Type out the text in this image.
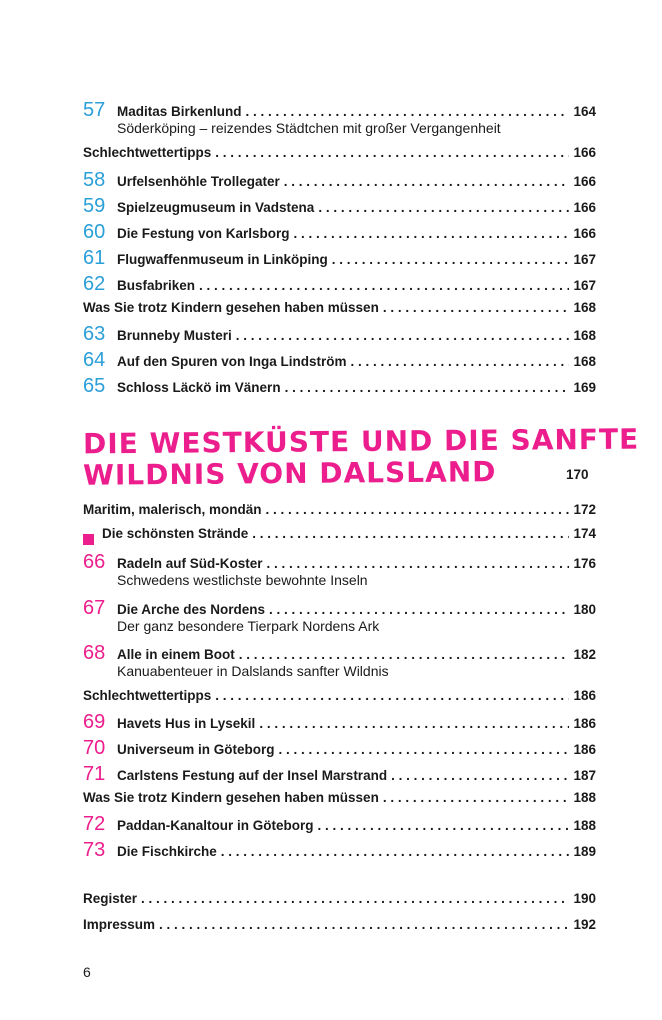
57 Maditas Birkenlund . . .	164
Söderköping – reizendes Städtchen mit großer Vergangenheit
Schlechtwettertipps . . .	166
58 Urfelsenhöhle Trollegater . . .	166
59 Spielzeugmuseum in Vadstena . . .	166
60 Die Festung von Karlsborg . . .	166
61 Flugwaffenmuseum in Linköping . . .	167
62 Busfabriken . . .	167
Was Sie trotz Kindern gesehen haben müssen . . .	168
63 Brunneby Musteri . . .	168
64 Auf den Spuren von Inga Lindström . . .	168
65 Schloss Läckö im Vänern . . .	169
DIE WESTKÜSTE UND DIE SANFTE
WILDNIS VON DALSLAND	170
Maritim, malerisch, mondän . . .	172
Die schönsten Strände . . .	174
66 Radeln auf Süd-Koster . . .	176
Schwedens westlichste bewohnte Inseln
67 Die Arche des Nordens . . .	180
Der ganz besondere Tierpark Nordens Ark
68 Alle in einem Boot . . .	182
Kanuabenteuer in Dalslands sanfter Wildnis
Schlechtwettertipps . . .	186
69 Havets Hus in Lysekil . . .	186
70 Universeum in Göteborg . . .	186
71 Carlstens Festung auf der Insel Marstrand . . .	187
Was Sie trotz Kindern gesehen haben müssen . . .	188
72 Paddan-Kanaltour in Göteborg . . .	188
73 Die Fischkirche . . .	189
Register . . .	190
Impressum . . .	192
6
